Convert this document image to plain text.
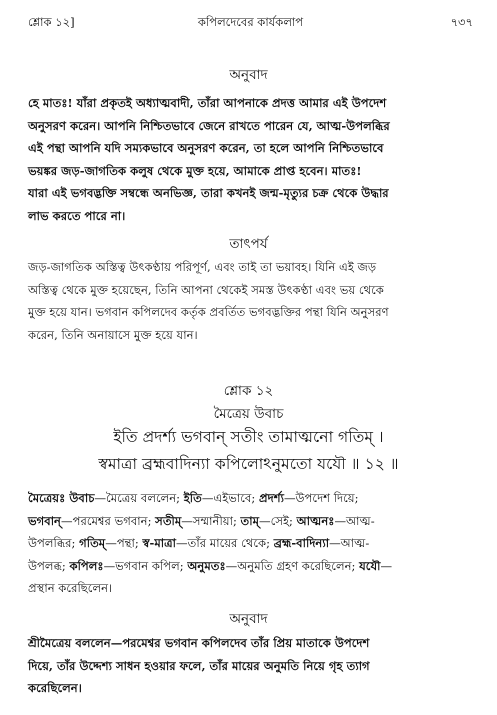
শ্লোক ১২]	কপিলদেবের কার্যকলাপ	৭৩৭
অনুবাদ
হে মাতঃ! যাঁরা প্রকৃতই অধ্যাত্মবাদী, তাঁরা আপনাকে প্রদত্ত আমার এই উপদেশ
অনুসরণ করেন। আপনি নিশ্চিতভাবে জেনে রাখতে পারেন যে, আত্ম-উপলব্ধির
এই পন্থা আপনি যদি সম্যকভাবে অনুসরণ করেন, তা হলে আপনি নিশ্চিতভাবে
ভয়ঙ্কর জড়-জাগতিক কলুষ থেকে মুক্ত হয়ে, আমাকে প্রাপ্ত হবেন। মাতঃ!
যারা এই ভগবদ্ভক্তি সম্বন্ধে অনভিজ্ঞ, তারা কখনই জন্ম-মৃত্যুর চক্র থেকে উদ্ধার
লাভ করতে পারে না।
তাৎপর্য
জড়-জাগতিক অস্তিত্ব উৎকণ্ঠায় পরিপূর্ণ, এবং তাই তা ভয়াবহ। যিনি এই জড়
অস্তিত্ব থেকে মুক্ত হয়েছেন, তিনি আপনা থেকেই সমস্ত উৎকণ্ঠা এবং ভয় থেকে
মুক্ত হয়ে যান। ভগবান কপিলদেব কর্তৃক প্রবর্তিত ভগবদ্ভক্তির পন্থা যিনি অনুসরণ
করেন, তিনি অনায়াসে মুক্ত হয়ে যান।
শ্লোক ১২
মৈত্রেয় উবাচ
ইতি প্রদর্শ্য ভগবান্ সতীং তামাত্মনো গতিম্ ।
স্বমাত্রা ব্রহ্মবাদিন্যা কপিলোঽনুমতো যযৌ ॥ ১২ ॥
মৈত্রেয়ঃ উবাচ—মৈত্রেয় বললেন; ইতি—এইভাবে; প্রদর্শ্য—উপদেশ দিয়ে;
ভগবান্—পরমেশ্বর ভগবান; সতীম্—সম্মানীয়া; তাম্—সেই; আত্মনঃ—আত্ম-
উপলব্ধির; গতিম্—পন্থা; স্ব-মাত্রা—তাঁর মায়ের থেকে; ব্রহ্ম-বাদিন্যা—আত্ম-
উপলব্ধ; কপিলঃ—ভগবান কপিল; অনুমতঃ—অনুমতি গ্রহণ করেছিলেন; যযৌ—
প্রস্থান করেছিলেন।
অনুবাদ
শ্রীমৈত্রেয় বললেন—পরমেশ্বর ভগবান কপিলদেব তাঁর প্রিয় মাতাকে উপদেশ
দিয়ে, তাঁর উদ্দেশ্য সাধন হওয়ার ফলে, তাঁর মায়ের অনুমতি নিয়ে গৃহ ত্যাগ
করেছিলেন।
